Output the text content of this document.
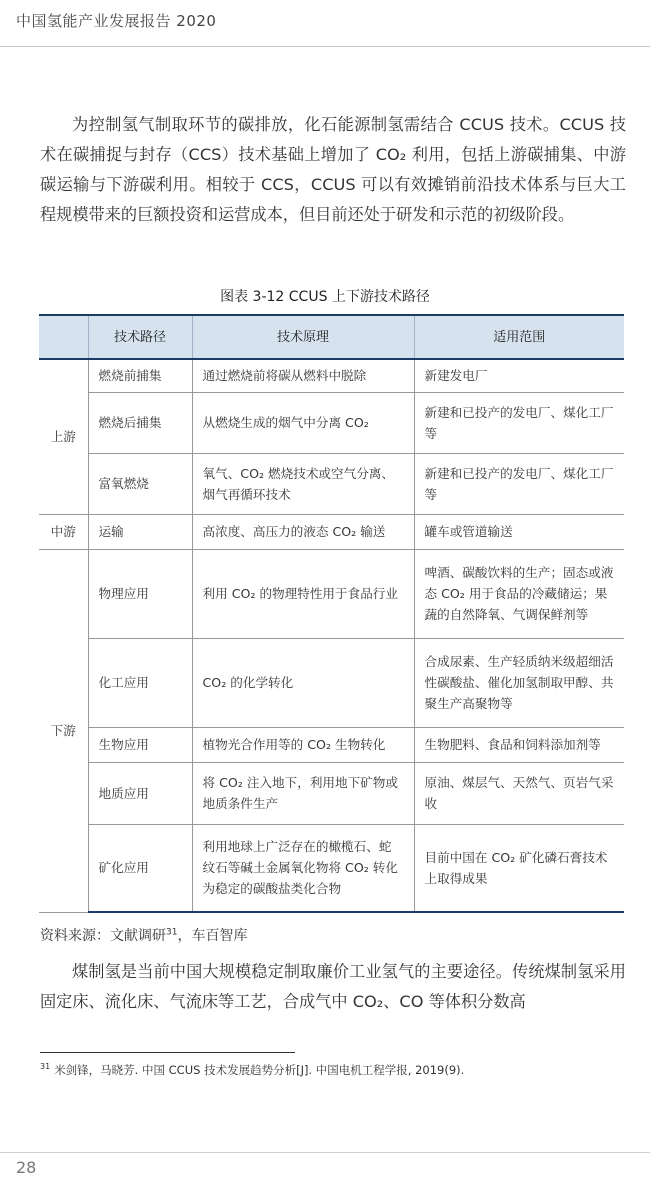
中国氢能产业发展报告 2020

为控制氢气制取环节的碳排放，化石能源制氢需结合 CCUS 技术。CCUS 技术在碳捕捉与封存（CCS）技术基础上增加了 CO₂ 利用，包括上游碳捕集、中游碳运输与下游碳利用。相较于 CCS，CCUS 可以有效摊销前沿技术体系与巨大工程规模带来的巨额投资和运营成本，但目前还处于研发和示范的初级阶段。

图表 3-12 CCUS 上下游技术路径
	技术路径	技术原理	适用范围
上游	燃烧前捕集	通过燃烧前将碳从燃料中脱除	新建发电厂
	燃烧后捕集	从燃烧生成的烟气中分离 CO₂	新建和已投产的发电厂、煤化工厂等
	富氧燃烧	氧气、CO₂ 燃烧技术或空气分离、烟气再循环技术	新建和已投产的发电厂、煤化工厂等
中游	运输	高浓度、高压力的液态 CO₂ 输送	罐车或管道输送
下游	物理应用	利用 CO₂ 的物理特性用于食品行业	啤酒、碳酸饮料的生产；固态或液态 CO₂ 用于食品的冷藏储运；果蔬的自然降氧、气调保鲜剂等
	化工应用	CO₂ 的化学转化	合成尿素、生产轻质纳米级超细活性碳酸盐、催化加氢制取甲醇、共聚生产高聚物等
	生物应用	植物光合作用等的 CO₂ 生物转化	生物肥料、食品和饲料添加剂等
	地质应用	将 CO₂ 注入地下，利用地下矿物或地质条件生产	原油、煤层气、天然气、页岩气采收
	矿化应用	利用地球上广泛存在的橄榄石、蛇纹石等碱土金属氧化物将 CO₂ 转化为稳定的碳酸盐类化合物	目前中国在 CO₂ 矿化磷石膏技术上取得成果
资料来源：文献调研$^{31}$，车百智库

煤制氢是当前中国大规模稳定制取廉价工业氢气的主要途径。传统煤制氢采用固定床、流化床、气流床等工艺，合成气中 CO₂、CO 等体积分数高

$^{31}$ 米剑锋，马晓芳. 中国 CCUS 技术发展趋势分析[J]. 中国电机工程学报, 2019(9).
28
